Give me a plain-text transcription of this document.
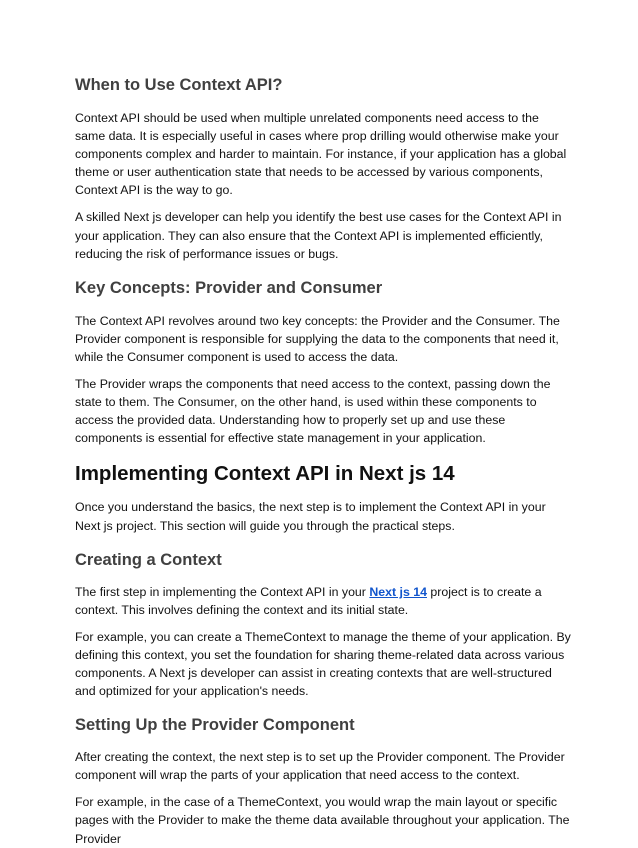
When to Use Context API?

Context API should be used when multiple unrelated components need access to the same data. It is especially useful in cases where prop drilling would otherwise make your components complex and harder to maintain. For instance, if your application has a global theme or user authentication state that needs to be accessed by various components, Context API is the way to go.

A skilled Next js developer can help you identify the best use cases for the Context API in your application. They can also ensure that the Context API is implemented efficiently, reducing the risk of performance issues or bugs.

Key Concepts: Provider and Consumer

The Context API revolves around two key concepts: the Provider and the Consumer. The Provider component is responsible for supplying the data to the components that need it, while the Consumer component is used to access the data.

The Provider wraps the components that need access to the context, passing down the state to them. The Consumer, on the other hand, is used within these components to access the provided data. Understanding how to properly set up and use these components is essential for effective state management in your application.

Implementing Context API in Next js 14

Once you understand the basics, the next step is to implement the Context API in your Next js project. This section will guide you through the practical steps.

Creating a Context

The first step in implementing the Context API in your Next js 14 project is to create a context. This involves defining the context and its initial state.

For example, you can create a ThemeContext to manage the theme of your application. By defining this context, you set the foundation for sharing theme-related data across various components. A Next js developer can assist in creating contexts that are well-structured and optimized for your application's needs.

Setting Up the Provider Component

After creating the context, the next step is to set up the Provider component. The Provider component will wrap the parts of your application that need access to the context.

For example, in the case of a ThemeContext, you would wrap the main layout or specific pages with the Provider to make the theme data available throughout your application. The Provider
